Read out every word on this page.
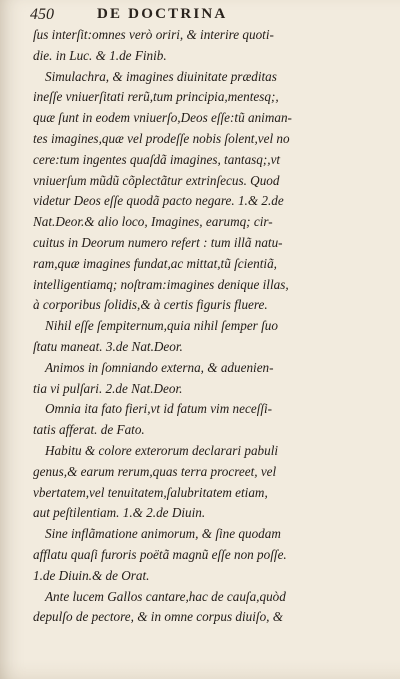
450	DE DOCTRINA
ſus interſit:omnes verò oriri, & interire quoti-
die. in Luc. & 1.de Finib.
Simulachra, & imagines diuinitate præditas
ineſſe vniuerſitati rerũ,tum principia,mentesq;,
quæ ſunt in eodem vniuerſo,Deos eſſe:tũ animan-
tes imagines,quæ vel prodeſſe nobis ſolent,vel no
cere:tum ingentes quaſdã imagines, tantasq;,vt
vniuerſum mũdũ cõplectãtur extrinſecus. Quod
videtur Deos eſſe quodã pacto negare. 1.& 2.de
Nat.Deor.& alio loco, Imagines, earumq; cir-
cuitus in Deorum numero refert : tum illã natu-
ram,quæ imagines fundat,ac mittat,tũ ſcientiã,
intelligentiamq; noſtram:imagines denique illas,
à corporibus ſolidis,& à certis figuris fluere.
Nihil eſſe ſempiternum,quia nihil ſemper ſuo
ſtatu maneat. 3.de Nat.Deor.
Animos in ſomniando externa, & aduenien-
tia vi pulſari. 2.de Nat.Deor.
Omnia ita fato fieri,vt id fatum vim neceſſi-
tatis afferat. de Fato.
Habitu & colore exterorum declarari pabuli
genus,& earum rerum,quas terra procreet, vel
vbertatem,vel tenuitatem,ſalubritatem etiam,
aut peſtilentiam. 1.& 2.de Diuin.
Sine inflãmatione animorum, & ſine quodam
afflatu quaſi furoris poëtã magnũ eſſe non poſſe.
1.de Diuin.& de Orat.
Ante lucem Gallos cantare,hac de cauſa,quòd
depulſo de pectore, & in omne corpus diuiſo, &
